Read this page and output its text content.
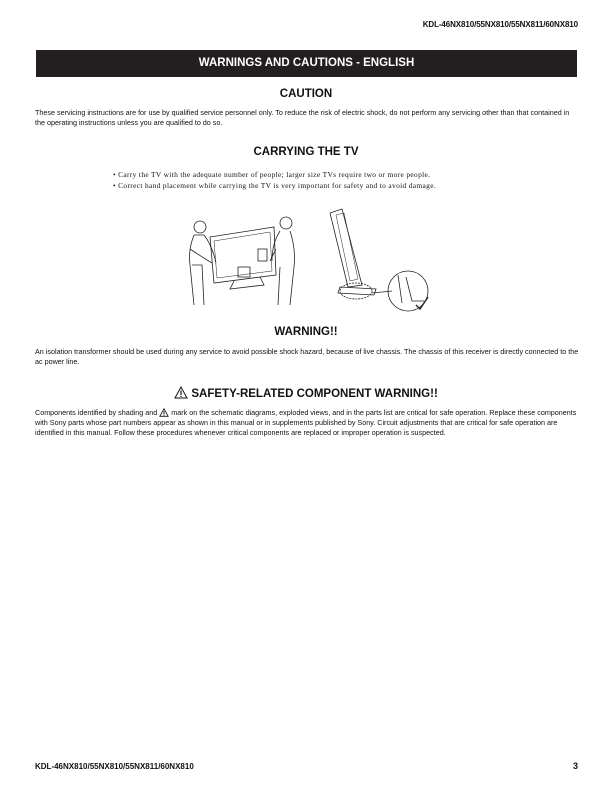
KDL-46NX810/55NX810/55NX811/60NX810
WARNINGS AND CAUTIONS - ENGLISH
CAUTION
These servicing instructions are for use by qualified service personnel only. To reduce the risk of electric shock, do not perform any servicing other than that contained in the operating instructions unless you are qualified to do so.
CARRYING THE TV
• Carry the TV with the adequate number of people; larger size TVs require two or more people.
• Correct hand placement while carrying the TV is very important for safety and to avoid damage.
WARNING!!
An isolation transformer should be used during any service to avoid possible shock hazard, because of live chassis. The chassis of this receiver is directly connected to the ac power line.
SAFETY-RELATED COMPONENT WARNING!!
Components identified by shading and mark on the schematic diagrams, exploded views, and in the parts list are critical for safe operation. Replace these components with Sony parts whose part numbers appear as shown in this manual or in supplements published by Sony. Circuit adjustments that are critical for safe operation are identified in this manual. Follow these procedures whenever critical components are replaced or improper operation is suspected.
KDL-46NX810/55NX810/55NX811/60NX810	3
